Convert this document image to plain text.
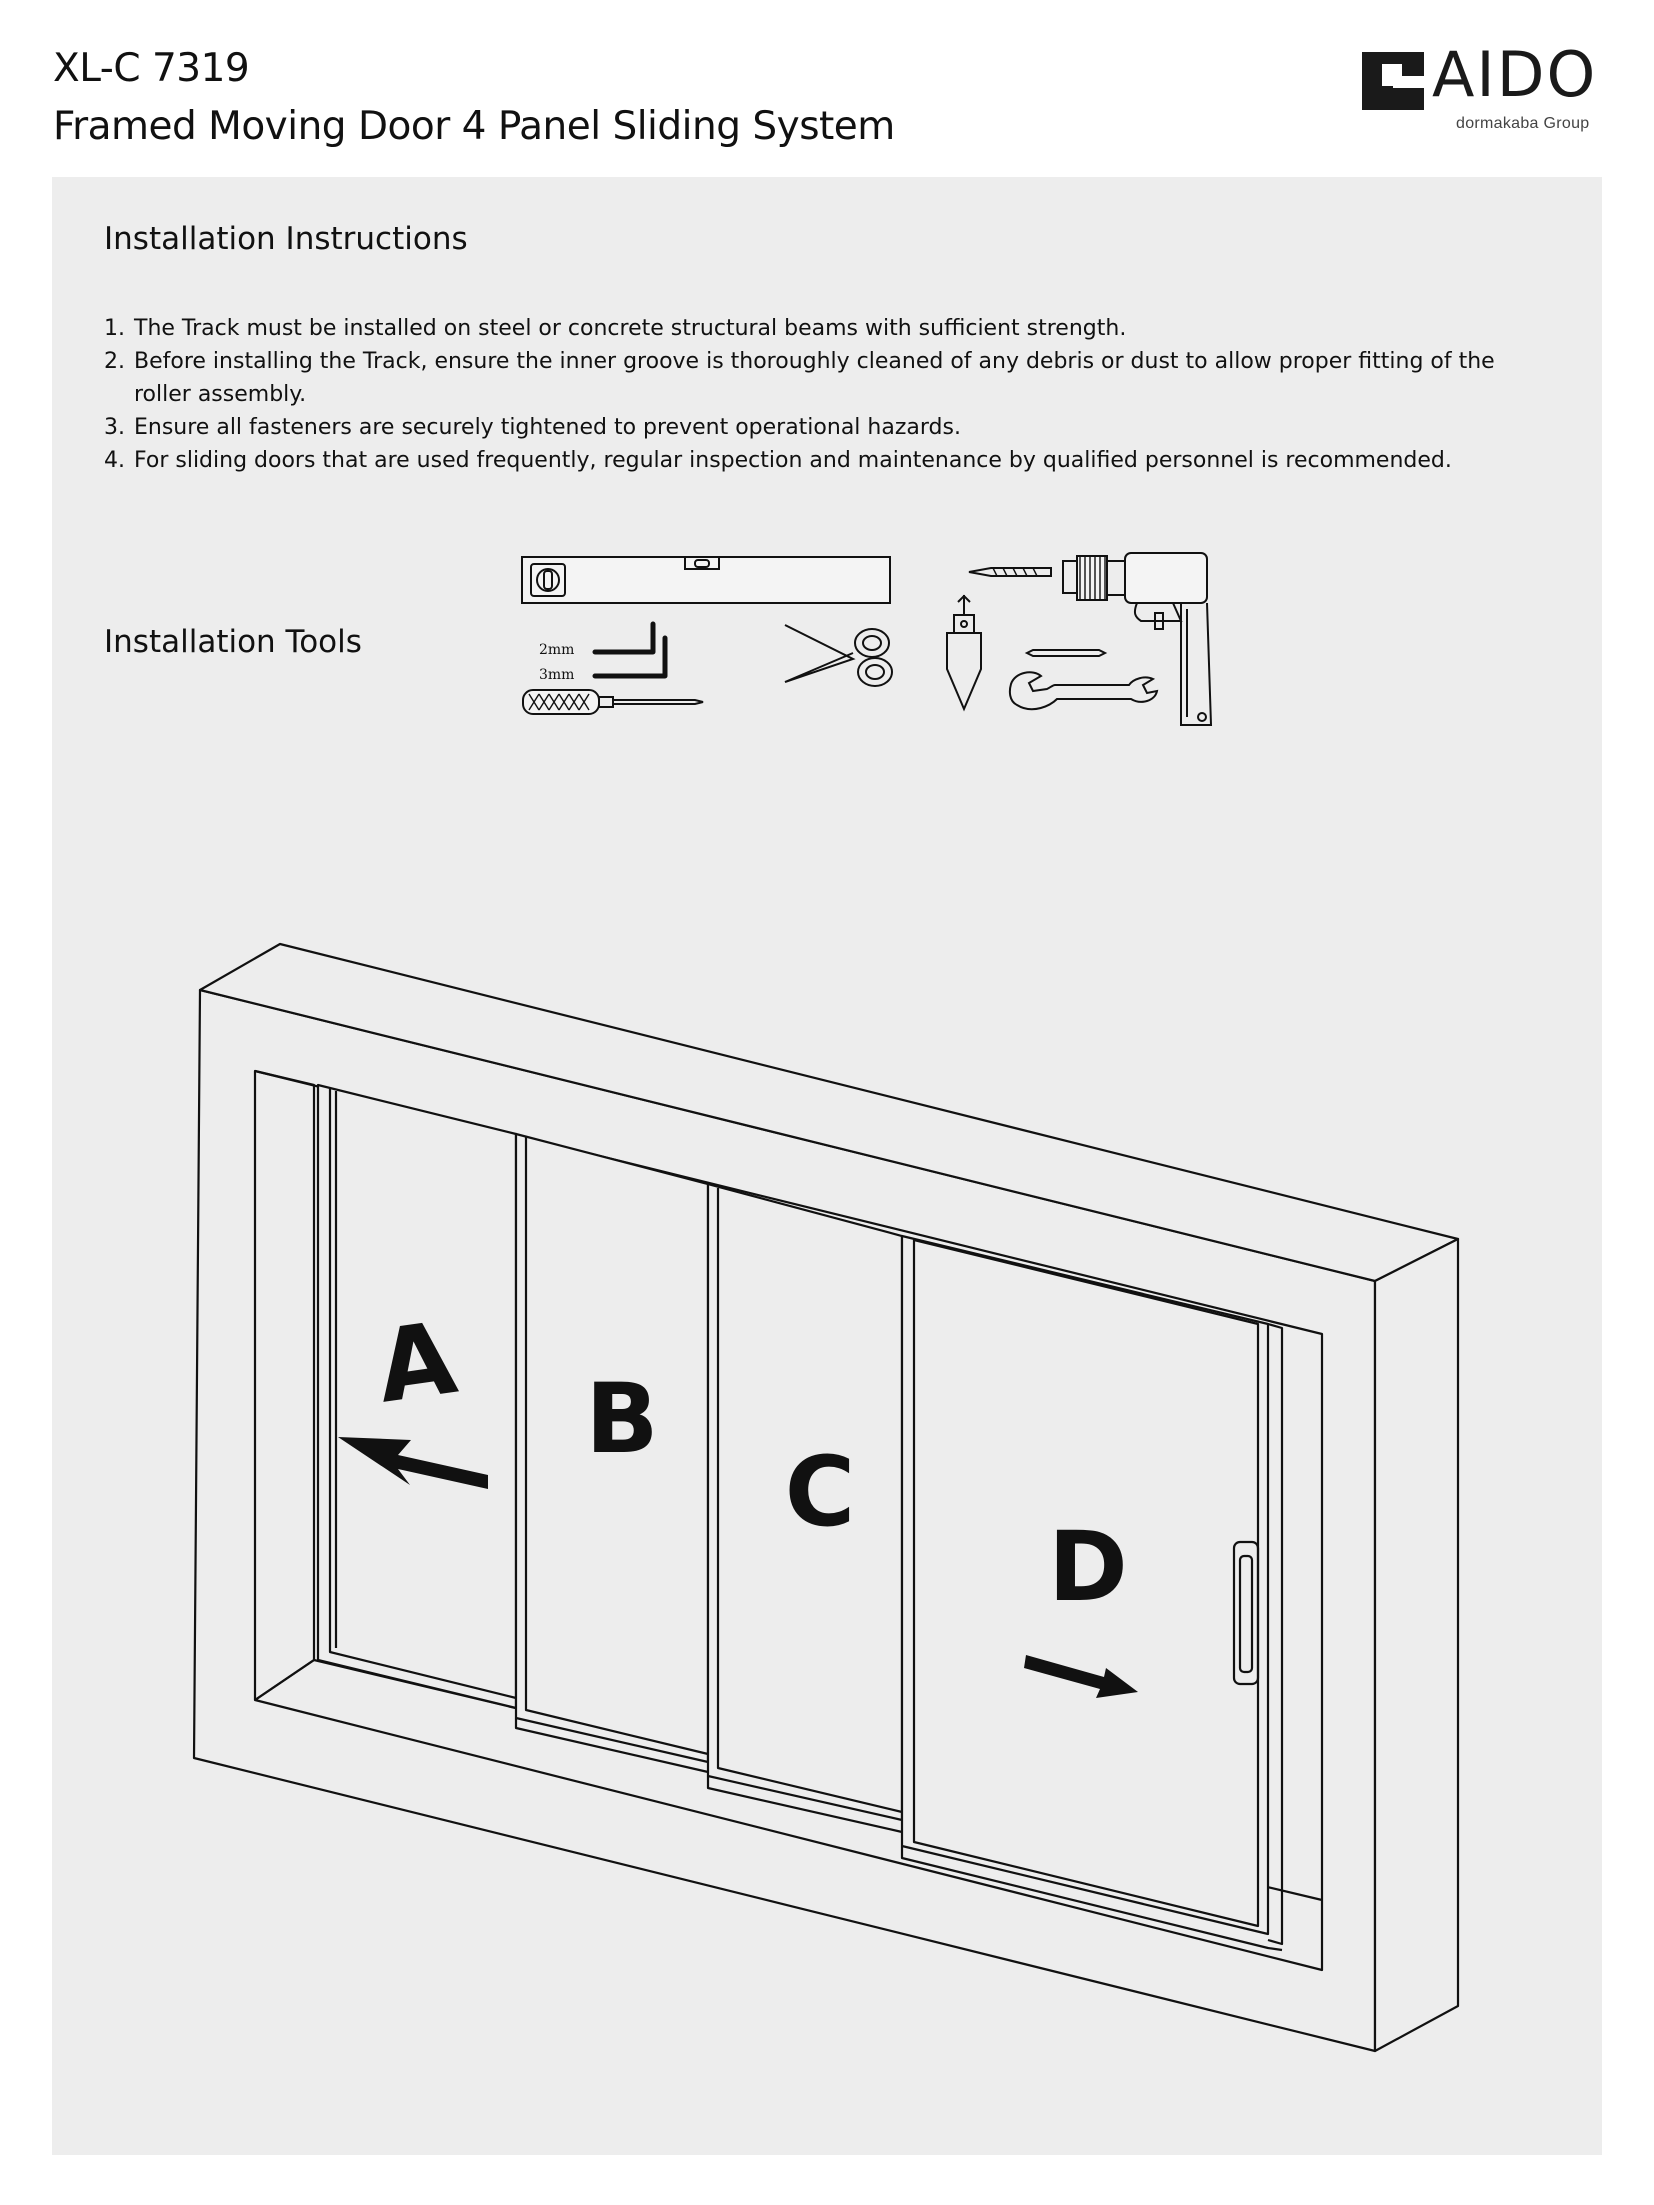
XL-C 7319
Framed Moving Door 4 Panel Sliding System
AIDO
dormakaba Group
Installation Instructions
1. The Track must be installed on steel or concrete structural beams with sufficient strength.
2. Before installing the Track, ensure the inner groove is thoroughly cleaned of any debris or dust to allow proper fitting of the roller assembly.
3. Ensure all fasteners are securely tightened to prevent operational hazards.
4. For sliding doors that are used frequently, regular inspection and maintenance by qualified personnel is recommended.
Installation Tools	2mm
3mm
A B
C
D
